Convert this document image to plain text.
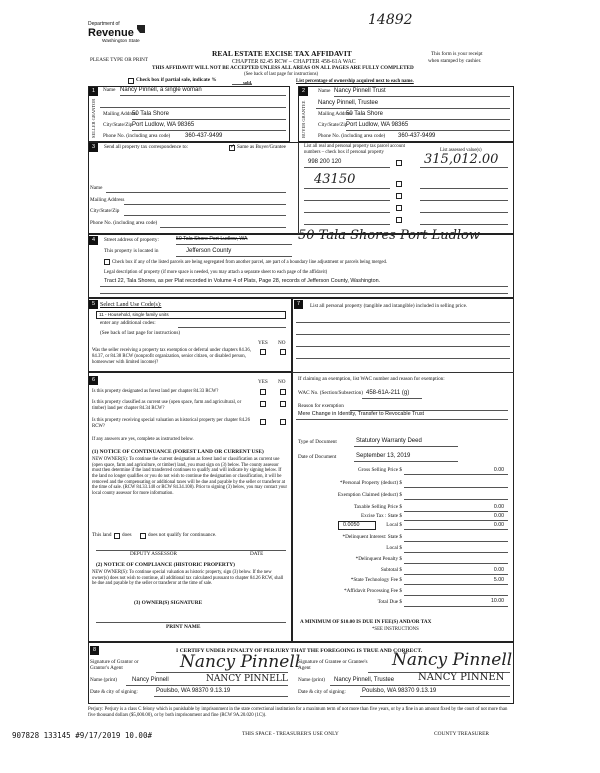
14892
Department of
Revenue
Washington State
REAL ESTATE EXCISE TAX AFFIDAVIT
CHAPTER 82.45 RCW – CHAPTER 458-61A WAC
THIS AFFIDAVIT WILL NOT BE ACCEPTED UNLESS ALL AREAS ON ALL PAGES ARE FULLY COMPLETED
(See back of last page for instructions)
PLEASE TYPE OR PRINT
This form is your receipt
when stamped by cashier.
Check box if partial sale, indicate %	sold.	List percentage of ownership acquired next to each name.
1
SELLER GRANTOR
Name Nancy Pinnell, a single woman
Mailing Address
50 Tala Shore
City/State/Zip Port Ludlow, WA 98365
Phone No. (including area code) 360-437-9499
2
BUYER GRANTEE
Name Nancy Pinnell Trust
Nancy Pinnell, Trustee
Mailing Address
50 Tala Shore
City/State/Zip
Port Ludlow, WA 98365
Phone No. (including area code) 360-437-9499
3	Send all property tax correspondence to:	✓ Same as Buyer/Grantee
Name
Mailing Address
City/State/Zip
Phone No. (including area code)
List all real and personal property tax parcel account numbers – check box if personal property	List assessed value(s)
998 200 120
43150
315,012.00
4	Street address of property:	50 Tala Shore Port Ludlow, WA	50 Tala Shores Port Ludlow
This property is located in	Jefferson County
Check box if any of the listed parcels are being segregated from another parcel, are part of a boundary line adjustment or parcels being merged.
Legal description of property (if more space is needed, you may attach a separate sheet to each page of the affidavit)
Tract 22, Tala Shores, as per Plat recorded in Volume 4 of Plats, Page 28, records of Jefferson County, Washington.
5 Select Land Use Code(s):
11 - Household, single family units
enter any additional codes:
(See back of last page for instructions)
YES NO
Was the seller receiving a property tax exemption or deferral under chapters 84.36, 84.37, or 84.38 RCW (nonprofit organization, senior citizen, or disabled person, homeowner with limited income)?
6	YES NO
Is this property designated as forest land per chapter 84.33 RCW?
Is this property classified as current use (open space, farm and agricultural, or timber) land per chapter 84.34 RCW?
Is this property receiving special valuation as historical property per chapter 84.26 RCW?
If any answers are yes, complete as instructed below.
(1) NOTICE OF CONTINUANCE (FOREST LAND OR CURRENT USE)
NEW OWNER(S): To continue the current designation as forest land or classification as current use (open space, farm and agriculture, or timber) land, you must sign on (3) below. The county assessor must then determine if the land transferred continues to qualify and will indicate by signing below. If the land no longer qualifies or you do not wish to continue the designation or classification, it will be removed and the compensating or additional taxes will be due and payable by the seller or transferor at the time of sale. (RCW 84.33.140 or RCW 84.34.108). Prior to signing (3) below, you may contact your local county assessor for more information.
This land does	does not qualify for continuance.
DEPUTY ASSESSOR	DATE
(2) NOTICE OF COMPLIANCE (HISTORIC PROPERTY)
NEW OWNER(S): To continue special valuation as historic property, sign (3) below. If the new owner(s) does not wish to continue, all additional tax calculated pursuant to chapter 84.26 RCW, shall be due and payable by the seller or transferor at the time of sale.
(3) OWNER(S) SIGNATURE
PRINT NAME
7	List all personal property (tangible and intangible) included in selling price.
If claiming an exemption, list WAC number and reason for exemption:
WAC No. (Section/Subsection) 458-61A-211 (g)
Reason for exemption
Mere Change in Identity, Transfer to Revocable Trust
Type of Document	Statutory Warranty Deed
Date of Document	September 13, 2019
Gross Selling Price $	0.00
*Personal Property (deduct) $
Exemption Claimed (deduct) $
Taxable Selling Price $	0.00
Excise Tax : State $	0.00
0.0050	Local $	0.00
*Delinquent Interest: State $
Local $
*Delinquent Penalty $
Subtotal $	0.00
*State Technology Fee $	5.00
*Affidavit Processing Fee $
Total Due $	10.00
A MINIMUM OF $10.00 IS DUE IN FEE(S) AND/OR TAX
*SEE INSTRUCTIONS
8	I CERTIFY UNDER PENALTY OF PERJURY THAT THE FOREGOING IS TRUE AND CORRECT.
Signature of Grantor or Grantor's Agent	Nancy Pinnell
Name (print)	Nancy Pinnell	NANCY PINNELL
Date & city of signing:	Poulsbo, WA 98370 9.13.19
Signature of Grantee or Grantee's Agent	Nancy Pinnell
Name (print) Nancy Pinnell, Trustee NANCY PINNEN
Date & city of signing:	Poulsbo, WA 98370 9.13.19
Perjury: Perjury is a class C felony which is punishable by imprisonment in the state correctional institution for a maximum term of not more than five years, or by a fine in an amount fixed by the court of not more than five thousand dollars ($5,000.00), or by both imprisonment and fine (RCW 9A.20.020 (1C)).
907828 133145 #9/17/2019 10.00#	THIS SPACE - TREASURER'S USE ONLY	COUNTY TREASURER
